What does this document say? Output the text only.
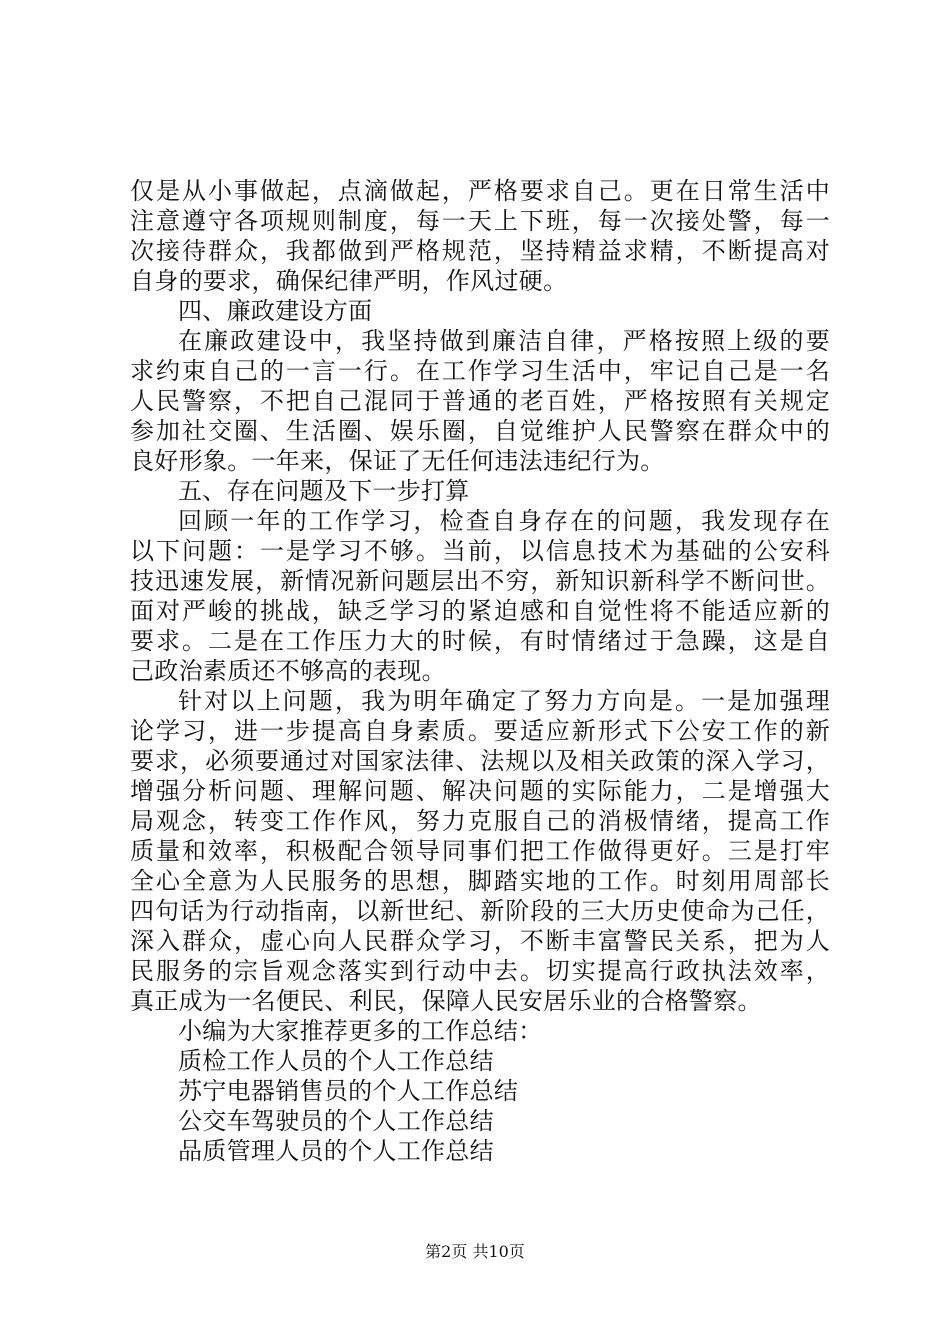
仅是从小事做起，点滴做起，严格要求自己。更在日常生活中
注意遵守各项规则制度，每一天上下班，每一次接处警，每一
次接待群众，我都做到严格规范，坚持精益求精，不断提高对
自身的要求，确保纪律严明，作风过硬。
四、廉政建设方面
在廉政建设中，我坚持做到廉洁自律，严格按照上级的要
求约束自己的一言一行。在工作学习生活中，牢记自己是一名
人民警察，不把自己混同于普通的老百姓，严格按照有关规定
参加社交圈、生活圈、娱乐圈，自觉维护人民警察在群众中的
良好形象。一年来，保证了无任何违法违纪行为。
五、存在问题及下一步打算
回顾一年的工作学习，检查自身存在的问题，我发现存在
以下问题：一是学习不够。当前，以信息技术为基础的公安科
技迅速发展，新情况新问题层出不穷，新知识新科学不断问世。
面对严峻的挑战，缺乏学习的紧迫感和自觉性将不能适应新的
要求。二是在工作压力大的时候，有时情绪过于急躁，这是自
己政治素质还不够高的表现。
针对以上问题，我为明年确定了努力方向是。一是加强理
论学习，进一步提高自身素质。要适应新形式下公安工作的新
要求，必须要通过对国家法律、法规以及相关政策的深入学习，
增强分析问题、理解问题、解决问题的实际能力，二是增强大
局观念，转变工作作风，努力克服自己的消极情绪，提高工作
质量和效率，积极配合领导同事们把工作做得更好。三是打牢
全心全意为人民服务的思想，脚踏实地的工作。时刻用周部长
四句话为行动指南，以新世纪、新阶段的三大历史使命为己任，
深入群众，虚心向人民群众学习，不断丰富警民关系，把为人
民服务的宗旨观念落实到行动中去。切实提高行政执法效率，
真正成为一名便民、利民，保障人民安居乐业的合格警察。
小编为大家推荐更多的工作总结：
质检工作人员的个人工作总结
苏宁电器销售员的个人工作总结
公交车驾驶员的个人工作总结
品质管理人员的个人工作总结
第2页 共10页
